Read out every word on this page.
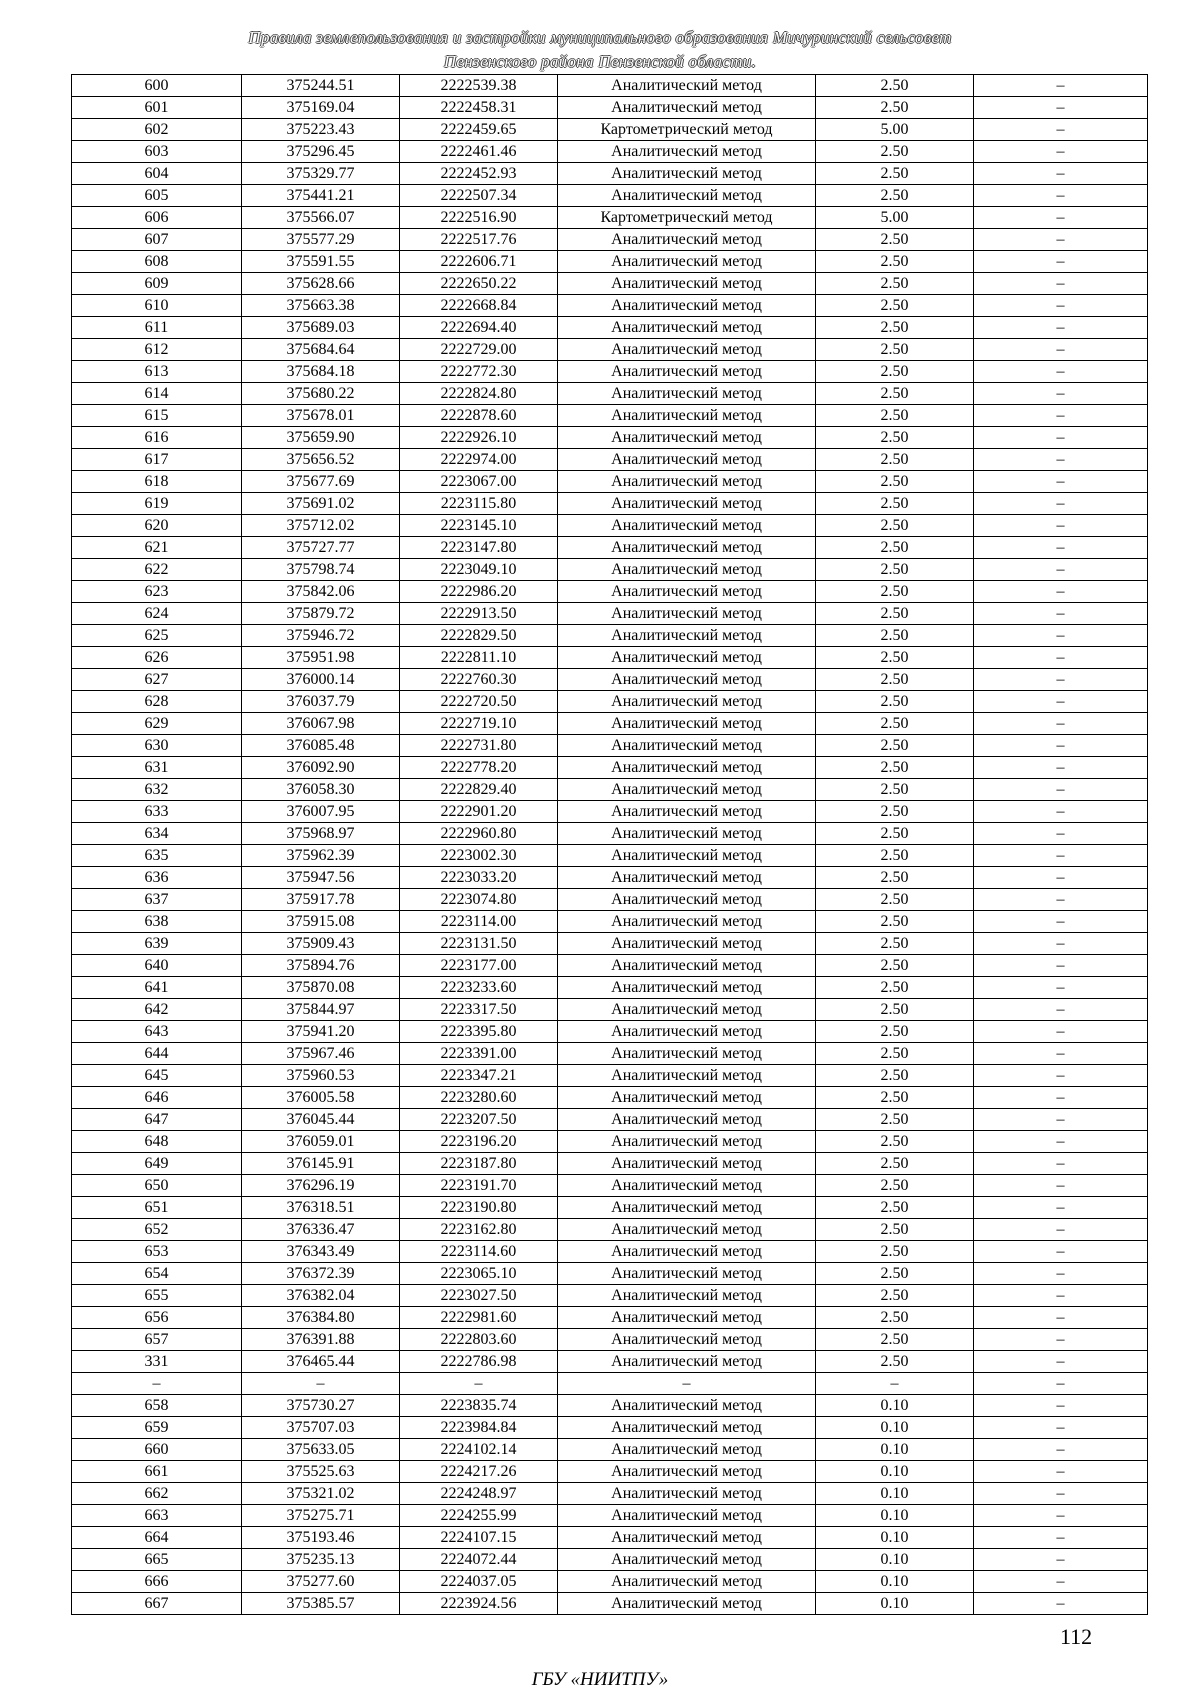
Правила землепользования и застройки муниципального образования Мичуринский сельсовет
Пензенского района Пензенской области.
600	375244.51	2222539.38	Аналитический метод	2.50	–
601	375169.04	2222458.31	Аналитический метод	2.50	–
602	375223.43	2222459.65	Картометрический метод	5.00	–
603	375296.45	2222461.46	Аналитический метод	2.50	–
604	375329.77	2222452.93	Аналитический метод	2.50	–
605	375441.21	2222507.34	Аналитический метод	2.50	–
606	375566.07	2222516.90	Картометрический метод	5.00	–
607	375577.29	2222517.76	Аналитический метод	2.50	–
608	375591.55	2222606.71	Аналитический метод	2.50	–
609	375628.66	2222650.22	Аналитический метод	2.50	–
610	375663.38	2222668.84	Аналитический метод	2.50	–
611	375689.03	2222694.40	Аналитический метод	2.50	–
612	375684.64	2222729.00	Аналитический метод	2.50	–
613	375684.18	2222772.30	Аналитический метод	2.50	–
614	375680.22	2222824.80	Аналитический метод	2.50	–
615	375678.01	2222878.60	Аналитический метод	2.50	–
616	375659.90	2222926.10	Аналитический метод	2.50	–
617	375656.52	2222974.00	Аналитический метод	2.50	–
618	375677.69	2223067.00	Аналитический метод	2.50	–
619	375691.02	2223115.80	Аналитический метод	2.50	–
620	375712.02	2223145.10	Аналитический метод	2.50	–
621	375727.77	2223147.80	Аналитический метод	2.50	–
622	375798.74	2223049.10	Аналитический метод	2.50	–
623	375842.06	2222986.20	Аналитический метод	2.50	–
624	375879.72	2222913.50	Аналитический метод	2.50	–
625	375946.72	2222829.50	Аналитический метод	2.50	–
626	375951.98	2222811.10	Аналитический метод	2.50	–
627	376000.14	2222760.30	Аналитический метод	2.50	–
628	376037.79	2222720.50	Аналитический метод	2.50	–
629	376067.98	2222719.10	Аналитический метод	2.50	–
630	376085.48	2222731.80	Аналитический метод	2.50	–
631	376092.90	2222778.20	Аналитический метод	2.50	–
632	376058.30	2222829.40	Аналитический метод	2.50	–
633	376007.95	2222901.20	Аналитический метод	2.50	–
634	375968.97	2222960.80	Аналитический метод	2.50	–
635	375962.39	2223002.30	Аналитический метод	2.50	–
636	375947.56	2223033.20	Аналитический метод	2.50	–
637	375917.78	2223074.80	Аналитический метод	2.50	–
638	375915.08	2223114.00	Аналитический метод	2.50	–
639	375909.43	2223131.50	Аналитический метод	2.50	–
640	375894.76	2223177.00	Аналитический метод	2.50	–
641	375870.08	2223233.60	Аналитический метод	2.50	–
642	375844.97	2223317.50	Аналитический метод	2.50	–
643	375941.20	2223395.80	Аналитический метод	2.50	–
644	375967.46	2223391.00	Аналитический метод	2.50	–
645	375960.53	2223347.21	Аналитический метод	2.50	–
646	376005.58	2223280.60	Аналитический метод	2.50	–
647	376045.44	2223207.50	Аналитический метод	2.50	–
648	376059.01	2223196.20	Аналитический метод	2.50	–
649	376145.91	2223187.80	Аналитический метод	2.50	–
650	376296.19	2223191.70	Аналитический метод	2.50	–
651	376318.51	2223190.80	Аналитический метод	2.50	–
652	376336.47	2223162.80	Аналитический метод	2.50	–
653	376343.49	2223114.60	Аналитический метод	2.50	–
654	376372.39	2223065.10	Аналитический метод	2.50	–
655	376382.04	2223027.50	Аналитический метод	2.50	–
656	376384.80	2222981.60	Аналитический метод	2.50	–
657	376391.88	2222803.60	Аналитический метод	2.50	–
331	376465.44	2222786.98	Аналитический метод	2.50	–
–	–	–	–	–	–
658	375730.27	2223835.74	Аналитический метод	0.10	–
659	375707.03	2223984.84	Аналитический метод	0.10	–
660	375633.05	2224102.14	Аналитический метод	0.10	–
661	375525.63	2224217.26	Аналитический метод	0.10	–
662	375321.02	2224248.97	Аналитический метод	0.10	–
663	375275.71	2224255.99	Аналитический метод	0.10	–
664	375193.46	2224107.15	Аналитический метод	0.10	–
665	375235.13	2224072.44	Аналитический метод	0.10	–
666	375277.60	2224037.05	Аналитический метод	0.10	–
667	375385.57	2223924.56	Аналитический метод	0.10	–
112
ГБУ «НИИТПУ»
